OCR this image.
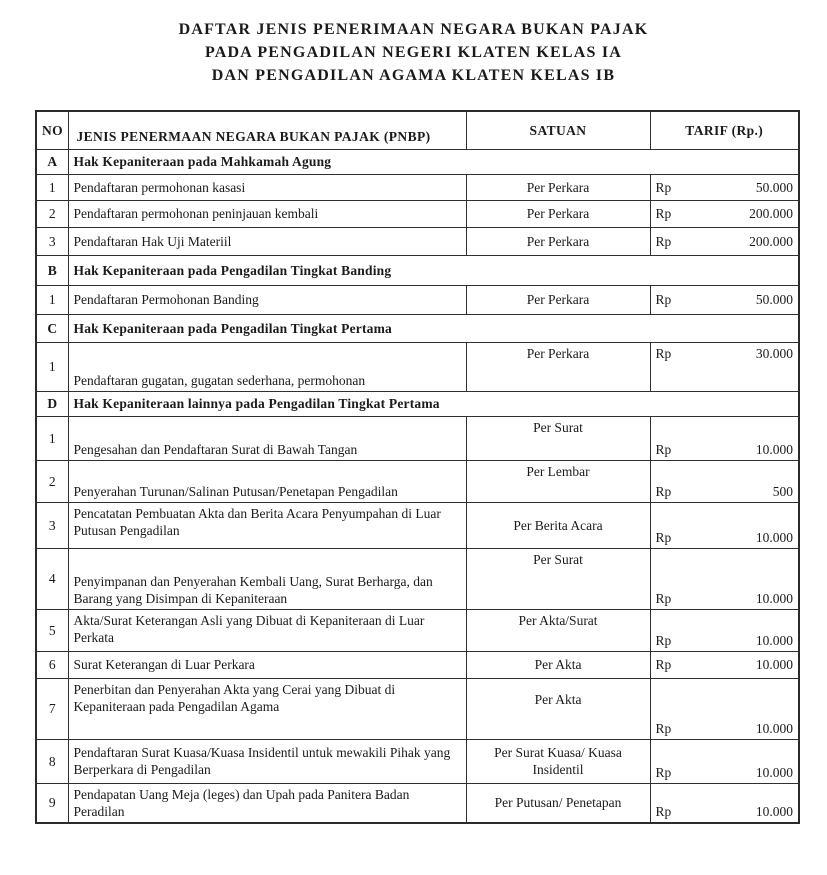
DAFTAR JENIS PENERIMAAN NEGARA BUKAN PAJAK
PADA PENGADILAN NEGERI KLATEN KELAS IA
DAN PENGADILAN AGAMA KLATEN KELAS IB
NO	JENIS PENERMAAN NEGARA BUKAN PAJAK (PNBP)	SATUAN	TARIF (Rp.)
A	Hak Kepaniteraan pada Mahkamah Agung		
1	Pendaftaran permohonan kasasi	Per Perkara	Rp 50.000

2	Pendaftaran permohonan peninjauan kembali	Per Perkara	Rp 200.000

3	Pendaftaran Hak Uji Materiil	Per Perkara	Rp 200.000

B	Hak Kepaniteraan pada Pengadilan Tingkat Banding		
1	Pendaftaran Permohonan Banding	Per Perkara	Rp 50.000

C	Hak Kepaniteraan pada Pengadilan Tingkat Pertama		
1	Pendaftaran gugatan, gugatan sederhana, permohonan	Per Perkara	Rp 30.000

D	Hak Kepaniteraan lainnya pada Pengadilan Tingkat Pertama		
1	Pengesahan dan Pendaftaran Surat di Bawah Tangan	Per Surat	Rp 10.000

2	Penyerahan Turunan/Salinan Putusan/Penetapan Pengadilan	Per Lembar	Rp 500

3	Pencatatan Pembuatan Akta dan Berita Acara Penyumpahan di Luar Putusan Pengadilan	Per Berita Acara	Rp 10.000

4	Penyimpanan dan Penyerahan Kembali Uang, Surat Berharga, dan Barang yang Disimpan di Kepaniteraan	Per Surat	Rp 10.000

5	Akta/Surat Keterangan Asli yang Dibuat di Kepaniteraan di Luar Perkata	Per Akta/Surat	Rp 10.000

6	Surat Keterangan di Luar Perkara	Per Akta	Rp 10.000

7	Penerbitan dan Penyerahan Akta yang Cerai yang Dibuat di Kepaniteraan pada Pengadilan Agama	Per Akta	Rp 10.000

8	Pendaftaran Surat Kuasa/Kuasa Insidentil untuk mewakili Pihak yang Berperkara di Pengadilan	Per Surat Kuasa/ Kuasa Insidentil	Rp 10.000

9	Pendapatan Uang Meja (leges) dan Upah pada Panitera Badan Peradilan	Per Putusan/ Penetapan	Rp 10.000
